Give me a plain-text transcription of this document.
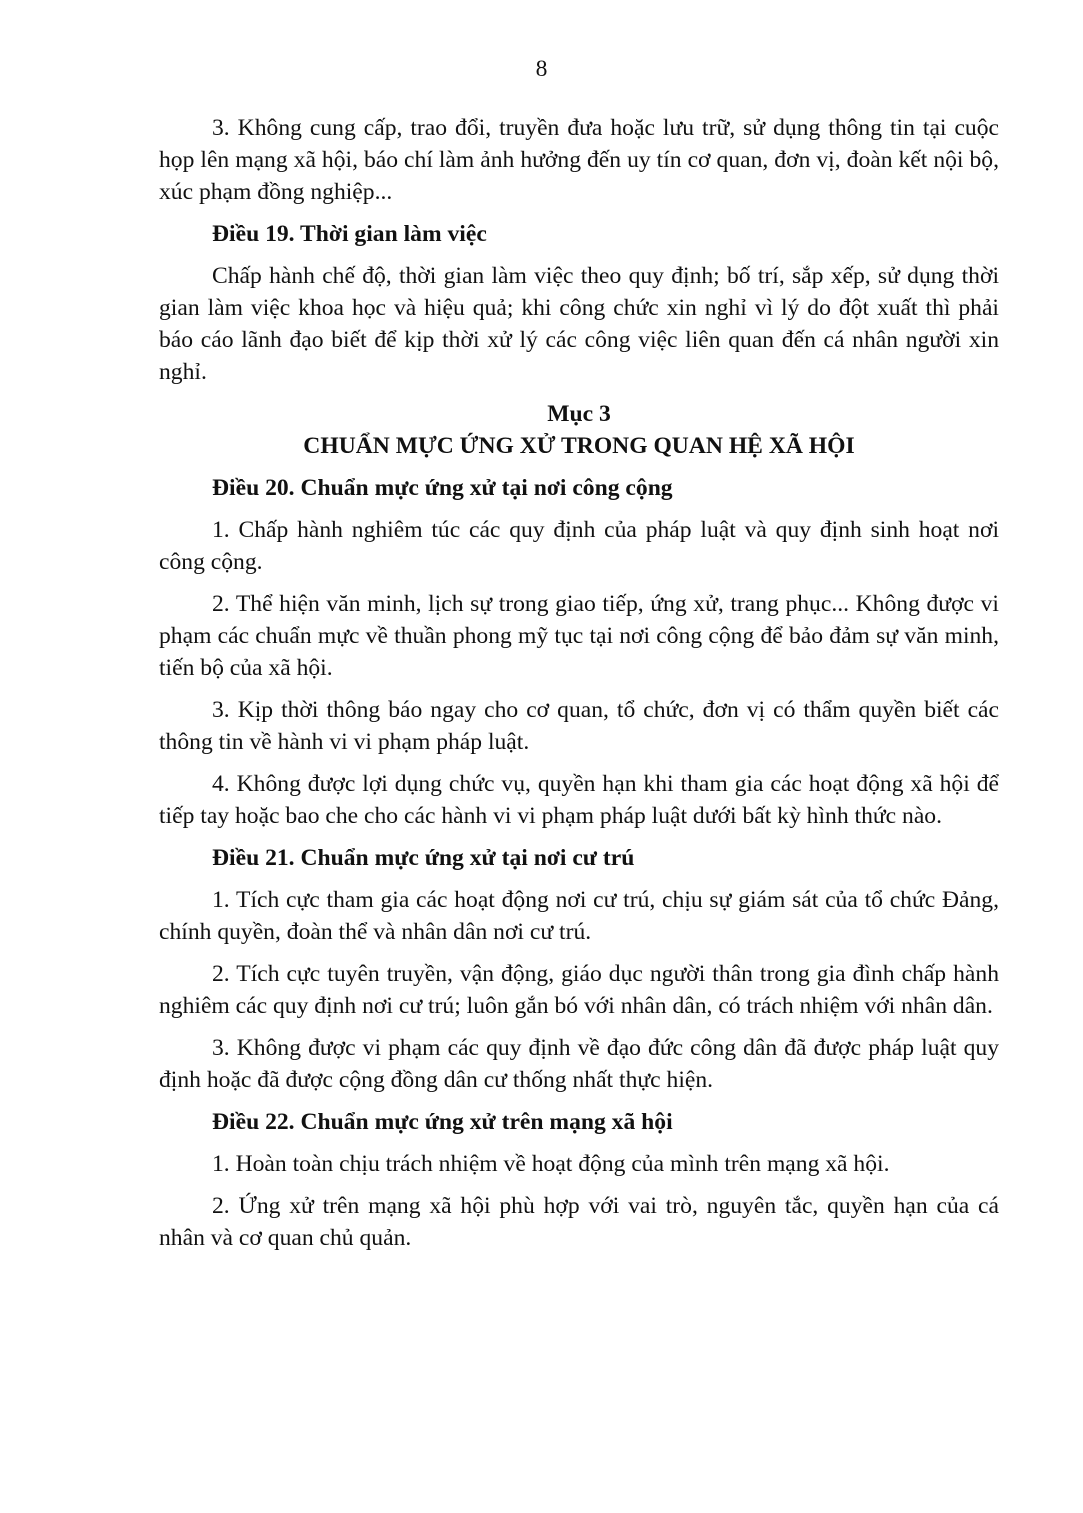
8

3. Không cung cấp, trao đổi, truyền đưa hoặc lưu trữ, sử dụng thông tin tại cuộc họp lên mạng xã hội, báo chí làm ảnh hưởng đến uy tín cơ quan, đơn vị, đoàn kết nội bộ, xúc phạm đồng nghiệp...

Điều 19. Thời gian làm việc

Chấp hành chế độ, thời gian làm việc theo quy định; bố trí, sắp xếp, sử dụng thời gian làm việc khoa học và hiệu quả; khi công chức xin nghỉ vì lý do đột xuất thì phải báo cáo lãnh đạo biết để kịp thời xử lý các công việc liên quan đến cá nhân người xin nghỉ.

Mục 3

CHUẨN MỰC ỨNG XỬ TRONG QUAN HỆ XÃ HỘI

Điều 20. Chuẩn mực ứng xử tại nơi công cộng

1. Chấp hành nghiêm túc các quy định của pháp luật và quy định sinh hoạt nơi công cộng.

2. Thể hiện văn minh, lịch sự trong giao tiếp, ứng xử, trang phục... Không được vi phạm các chuẩn mực về thuần phong mỹ tục tại nơi công cộng để bảo đảm sự văn minh, tiến bộ của xã hội.

3. Kịp thời thông báo ngay cho cơ quan, tổ chức, đơn vị có thẩm quyền biết các thông tin về hành vi vi phạm pháp luật.

4. Không được lợi dụng chức vụ, quyền hạn khi tham gia các hoạt động xã hội để tiếp tay hoặc bao che cho các hành vi vi phạm pháp luật dưới bất kỳ hình thức nào.

Điều 21. Chuẩn mực ứng xử tại nơi cư trú

1. Tích cực tham gia các hoạt động nơi cư trú, chịu sự giám sát của tổ chức Đảng, chính quyền, đoàn thể và nhân dân nơi cư trú.

2. Tích cực tuyên truyền, vận động, giáo dục người thân trong gia đình chấp hành nghiêm các quy định nơi cư trú; luôn gắn bó với nhân dân, có trách nhiệm với nhân dân.

3. Không được vi phạm các quy định về đạo đức công dân đã được pháp luật quy định hoặc đã được cộng đồng dân cư thống nhất thực hiện.

Điều 22. Chuẩn mực ứng xử trên mạng xã hội

1. Hoàn toàn chịu trách nhiệm về hoạt động của mình trên mạng xã hội.

2. Ứng xử trên mạng xã hội phù hợp với vai trò, nguyên tắc, quyền hạn của cá nhân và cơ quan chủ quản.
